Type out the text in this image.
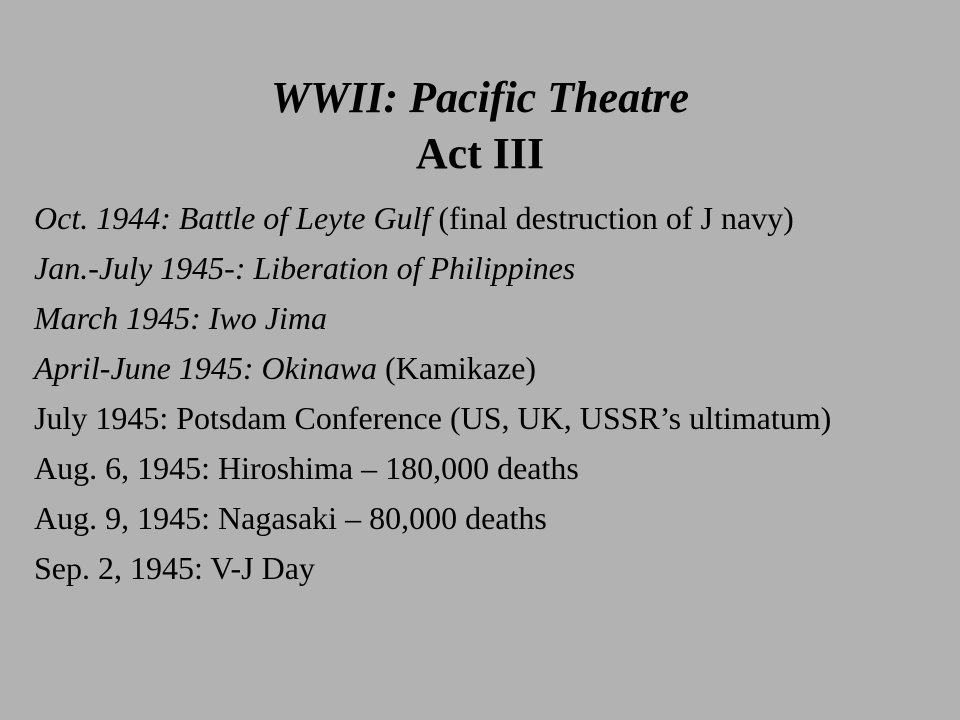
WWII: Pacific Theatre
Act III
Oct. 1944: Battle of Leyte Gulf (final destruction of J navy)
Jan.-July 1945-: Liberation of Philippines
March 1945: Iwo Jima
April-June 1945: Okinawa (Kamikaze)
July 1945: Potsdam Conference (US, UK, USSR’s ultimatum)
Aug. 6, 1945: Hiroshima – 180,000 deaths
Aug. 9, 1945: Nagasaki – 80,000 deaths
Sep. 2, 1945: V-J Day
